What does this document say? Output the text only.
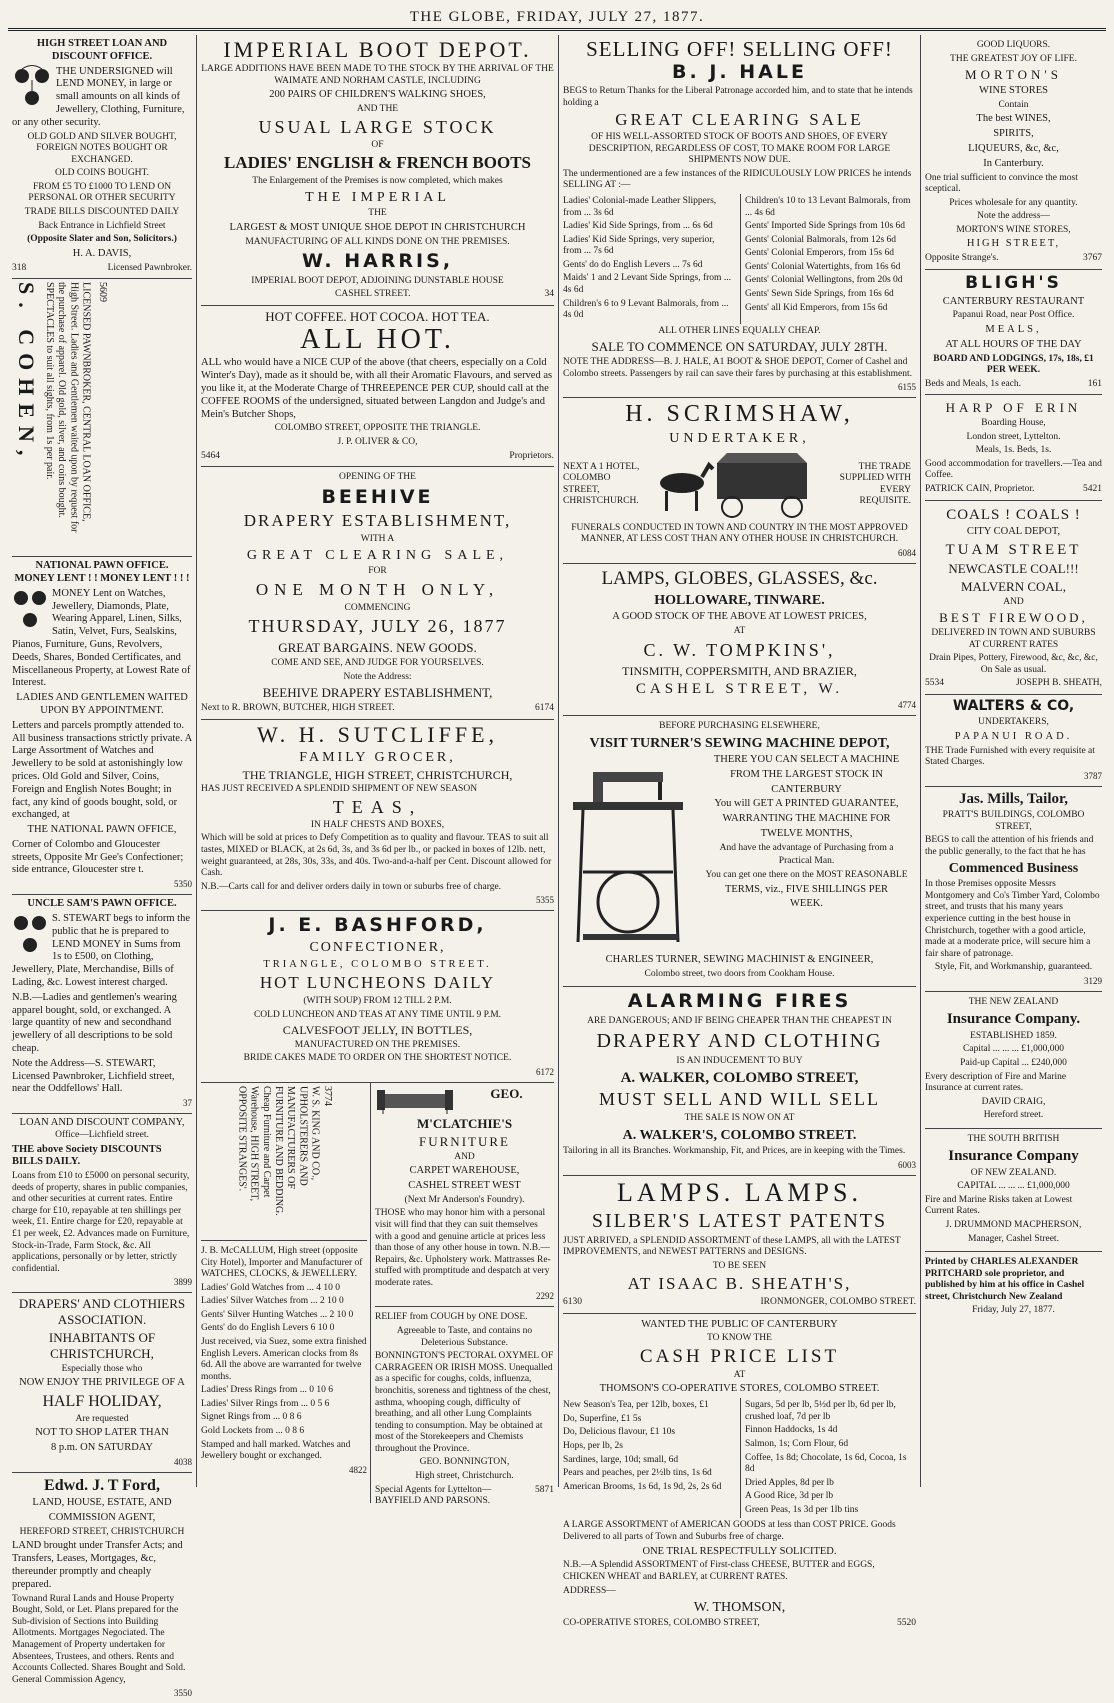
THE GLOBE, FRIDAY, JULY 27, 1877.
HIGH STREET LOAN AND DISCOUNT OFFICE.

THE UNDERSIGNED will LEND MONEY, in large or small amounts on all kinds of Jewellery, Clothing, Furniture, or any other security.

OLD GOLD AND SILVER BOUGHT, FOREIGN NOTES BOUGHT OR EXCHANGED.

OLD COINS BOUGHT.

FROM £5 TO £1000 TO LEND ON PERSONAL OR OTHER SECURITY

TRADE BILLS DISCOUNTED DAILY

Back Entrance in Lichfield Street

(Opposite Slater and Son, Solicitors.)

H. A. DAVIS,

318	Licensed Pawnbroker.
S. COHEN,	LICENSED PAWNBROKER, CENTRAL LOAN OFFICE, High Street. Ladies and Gentlemen waited upon by request for the purchase of apparel. Old gold, silver, and coins bought. SPECTACLES to suit all sights, from 1s per pair.	5609
NATIONAL PAWN OFFICE.
MONEY LENT ! ! MONEY LENT ! ! !

MONEY Lent on Watches, Jewellery, Diamonds, Plate, Wearing Apparel, Linen, Silks, Satin, Velvet, Furs, Sealskins, Pianos, Furniture, Guns, Revolvers, Deeds, Shares, Bonded Certificates, and Miscellaneous Property, at Lowest Rate of Interest.

LADIES AND GENTLEMEN WAITED UPON BY APPOINTMENT.

Letters and parcels promptly attended to. All business transactions strictly private. A Large Assortment of Watches and Jewellery to be sold at astonishingly low prices. Old Gold and Silver, Coins, Foreign and English Notes Bought; in fact, any kind of goods bought, sold, or exchanged, at

THE NATIONAL PAWN OFFICE,

Corner of Colombo and Gloucester streets, Opposite Mr Gee's Confectioner; side entrance, Gloucester stre t.

5350
UNCLE SAM'S PAWN OFFICE.

S. STEWART begs to inform the public that he is prepared to LEND MONEY in Sums from 1s to £500, on Clothing, Jewellery, Plate, Merchandise, Bills of Lading, &c. Lowest interest charged.

N.B.—Ladies and gentlemen's wearing apparel bought, sold, or exchanged. A large quantity of new and secondhand jewellery of all descriptions to be sold cheap.

Note the Address—S. STEWART, Licensed Pawnbroker, Lichfield street, near the Oddfellows' Hall.

37
LOAN AND DISCOUNT COMPANY,
Office—Lichfield street.

THE above Society DISCOUNTS BILLS DAILY.

Loans from £10 to £5000 on personal security, deeds of property, shares in public companies, and other securities at current rates. Entire charge for £10, repayable at ten shillings per week, £1. Entire charge for £20, repayable at £1 per week, £2. Advances made on Furniture, Stock-in-Trade, Farm Stock, &c. All applications, personally or by letter, strictly confidential.

3899
DRAPERS' AND CLOTHIERS ASSOCIATION.

INHABITANTS OF CHRISTCHURCH,

Especially those who

NOW ENJOY THE PRIVILEGE OF A

HALF HOLIDAY,

Are requested

NOT TO SHOP LATER THAN

8 p.m. ON SATURDAY

4038
Edwd. J. T Ford,

LAND, HOUSE, ESTATE, AND

COMMISSION AGENT,

HEREFORD STREET, CHRISTCHURCH

LAND brought under Transfer Acts; and Transfers, Leases, Mortgages, &c, thereunder promptly and cheaply prepared.

Townand Rural Lands and House Property Bought, Sold, or Let. Plans prepared for the Sub-division of Sections into Building Allotments. Mortgages Negociated. The Management of Property undertaken for Absentees, Trustees, and others. Rents and Accounts Collected. Shares Bought and Sold. General Commission Agency,

3550
IMPERIAL BOOT DEPOT.

LARGE ADDITIONS HAVE BEEN MADE TO THE STOCK BY THE ARRIVAL OF THE WAIMATE AND NORHAM CASTLE, INCLUDING

200 PAIRS OF CHILDREN'S WALKING SHOES,

AND THE

USUAL LARGE STOCK

OF

LADIES' ENGLISH & FRENCH BOOTS

The Enlargement of the Premises is now completed, which makes

THE IMPERIAL

THE

LARGEST & MOST UNIQUE SHOE DEPOT IN CHRISTCHURCH

MANUFACTURING OF ALL KINDS DONE ON THE PREMISES.

W. HARRIS,

IMPERIAL BOOT DEPOT, ADJOINING DUNSTABLE HOUSE

CASHEL STREET.	34
HOT COFFEE. HOT COCOA. HOT TEA.
ALL HOT.

ALL who would have a NICE CUP of the above (that cheers, especially on a Cold Winter's Day), made as it should be, with all their Aromatic Flavours, and served as you like it, at the Moderate Charge of THREEPENCE PER CUP, should call at the COFFEE ROOMS of the undersigned, situated between Langdon and Judge's and Mein's Butcher Shops,

COLOMBO STREET, OPPOSITE THE TRIANGLE.

J. P. OLIVER & CO,

5464	Proprietors.

OPENING OF THE

BEEHIVE

DRAPERY ESTABLISHMENT,

WITH A

GREAT CLEARING SALE,

FOR

ONE MONTH ONLY,

COMMENCING

THURSDAY, JULY 26, 1877

GREAT BARGAINS. NEW GOODS.

COME AND SEE, AND JUDGE FOR YOURSELVES.

Note the Address:

BEEHIVE DRAPERY ESTABLISHMENT,

Next to R. BROWN, BUTCHER, HIGH STREET.	6174
W. H. SUTCLIFFE,

FAMILY GROCER,

THE TRIANGLE, HIGH STREET, CHRISTCHURCH,

HAS JUST RECEIVED A SPLENDID SHIPMENT OF NEW SEASON

TEAS,

IN HALF CHESTS AND BOXES,

Which will be sold at prices to Defy Competition as to quality and flavour. TEAS to suit all tastes, MIXED or BLACK, at 2s 6d, 3s, and 3s 6d per lb., or packed in boxes of 12lb. nett, weight guaranteed, at 28s, 30s, 33s, and 40s. Two-and-a-half per Cent. Discount allowed for Cash.

N.B.—Carts call for and deliver orders daily in town or suburbs free of charge.

5355
J. E. BASHFORD,

CONFECTIONER,

TRIANGLE, COLOMBO STREET.

HOT LUNCHEONS DAILY

(WITH SOUP) FROM 12 TILL 2 P.M.

COLD LUNCHEON AND TEAS AT ANY TIME UNTIL 9 P.M.

CALVESFOOT JELLY, IN BOTTLES,

MANUFACTURED ON THE PREMISES.

BRIDE CAKES MADE TO ORDER ON THE SHORTEST NOTICE.

6172
W. S. KING AND CO., UPHOLSTERERS AND MANUFACTURERS OF FURNITURE AND BEDDING. Cheap Furniture and Carpet Warehouse, HIGH STREET, OPPOSITE STRANGES'.	3774

J. B. McCALLUM, High street (opposite City Hotel), Importer and Manufacturer of WATCHES, CLOCKS, & JEWELLERY.

Ladies' Gold Watches from ... 4 10 0

Ladies' Silver Watches from ... 2 10 0

Gents' Silver Hunting Watches ... 2 10 0

Gents' do do English Levers 6 10 0

Just received, via Suez, some extra finished English Levers. American clocks from 8s 6d. All the above are warranted for twelve months.

Ladies' Dress Rings from ... 0 10 6

Ladies' Silver Rings from ... 0 5 6

Signet Rings from ... 0 8 6

Gold Lockets from ... 0 8 6

Stamped and hall marked. Watches and Jewellery bought or exchanged.

4822
GEO. M'CLATCHIE'S

FURNITURE

AND

CARPET WAREHOUSE,

CASHEL STREET WEST

(Next Mr Anderson's Foundry).

THOSE who may honor him with a personal visit will find that they can suit themselves with a good and genuine article at prices less than those of any other house in town. N.B.—Repairs, &c. Upholstery work. Mattrasses Re-stuffed with promptitude and despatch at very moderate rates.

2292

RELIEF from COUGH by ONE DOSE.

Agreeable to Taste, and contains no Deleterious Substance.

BONNINGTON'S PECTORAL OXYMEL OF CARRAGEEN OR IRISH MOSS. Unequalled as a specific for coughs, colds, influenza, bronchitis, soreness and tightness of the chest, asthma, whooping cough, difficulty of breathing, and all other Lung Complaints tending to consumption. May be obtained at most of the Storekeepers and Chemists throughout the Province.

GEO. BONNINGTON,

High street, Christchurch.

Special Agents for Lyttelton—BAYFIELD AND PARSONS.
5871
SELLING OFF! SELLING OFF!
B. J. HALE

BEGS to Return Thanks for the Liberal Patronage accorded him, and to state that he intends holding a

GREAT CLEARING SALE

OF HIS WELL-ASSORTED STOCK OF BOOTS AND SHOES, OF EVERY DESCRIPTION, REGARDLESS OF COST, TO MAKE ROOM FOR LARGE SHIPMENTS NOW DUE.

The undermentioned are a few instances of the RIDICULOUSLY LOW PRICES he intends SELLING AT :—

Ladies' Colonial-made Leather Slippers, from ... 3s 6d

Ladies' Kid Side Springs, from ... 6s 6d

Ladies' Kid Side Springs, very superior, from ... 7s 6d

Gents' do do English Levers ... 7s 6d

Maids' 1 and 2 Levant Side Springs, from ... 4s 6d

Children's 6 to 9 Levant Balmorals, from ... 4s 0d

Children's 10 to 13 Levant Balmorals, from ... 4s 6d

Gents' Imported Side Springs from 10s 6d

Gents' Colonial Balmorals, from 12s 6d

Gents' Colonial Emperors, from 15s 6d

Gents' Colonial Watertights, from 16s 6d

Gents' Colonial Wellingtons, from 20s 0d

Gents' Sewn Side Springs, from 16s 6d

Gents' all Kid Emperors, from 15s 6d

ALL OTHER LINES EQUALLY CHEAP.

SALE TO COMMENCE ON SATURDAY, JULY 28TH.

NOTE THE ADDRESS—B. J. HALE, A1 BOOT & SHOE DEPOT, Corner of Cashel and Colombo streets. Passengers by rail can save their fares by purchasing at this establishment.

6155
H. SCRIMSHAW,

UNDERTAKER,

NEXT A 1 HOTEL, COLOMBO STREET, CHRISTCHURCH.

THE TRADE SUPPLIED WITH EVERY REQUISITE.

FUNERALS CONDUCTED IN TOWN AND COUNTRY IN THE MOST APPROVED MANNER, AT LESS COST THAN ANY OTHER HOUSE IN CHRISTCHURCH.

6084
LAMPS, GLOBES, GLASSES, &c.

HOLLOWARE, TINWARE.

A GOOD STOCK OF THE ABOVE AT LOWEST PRICES,

AT

C. W. TOMPKINS',

TINSMITH, COPPERSMITH, AND BRAZIER,

CASHEL STREET, W.

4774

BEFORE PURCHASING ELSEWHERE,

VISIT TURNER'S SEWING MACHINE DEPOT,

THERE YOU CAN SELECT A MACHINE

FROM THE LARGEST STOCK IN

CANTERBURY

You will GET A PRINTED GUARANTEE,

WARRANTING THE MACHINE FOR

TWELVE MONTHS,

And have the advantage of Purchasing from a

Practical Man.

You can get one there on the MOST REASONABLE

TERMS, viz., FIVE SHILLINGS PER

WEEK.

CHARLES TURNER, SEWING MACHINIST & ENGINEER,

Colombo street, two doors from Cookham House.

ALARMING FIRES

ARE DANGEROUS; AND IF BEING CHEAPER THAN THE CHEAPEST IN

DRAPERY AND CLOTHING

IS AN INDUCEMENT TO BUY

A. WALKER, COLOMBO STREET,

MUST SELL AND WILL SELL

THE SALE IS NOW ON AT

A. WALKER'S, COLOMBO STREET.

Tailoring in all its Branches. Workmanship, Fit, and Prices, are in keeping with the Times.

6003
LAMPS. LAMPS.

SILBER'S LATEST PATENTS

JUST ARRIVED, a SPLENDID ASSORTMENT of these LAMPS, all with the LATEST IMPROVEMENTS, and NEWEST PATTERNS and DESIGNS.

TO BE SEEN

AT ISAAC B. SHEATH'S,

6130	IRONMONGER, COLOMBO STREET.

WANTED THE PUBLIC OF CANTERBURY

TO KNOW THE

CASH PRICE LIST

AT

THOMSON'S CO-OPERATIVE STORES, COLOMBO STREET.

New Season's Tea, per 12lb, boxes, £1

Do, Superfine, £1 5s

Do, Delicious flavour, £1 10s

Hops, per lb, 2s

Sardines, large, 10d; small, 6d

Pears and peaches, per 2½lb tins, 1s 6d

American Brooms, 1s 6d, 1s 9d, 2s, 2s 6d

Sugars, 5d per lb, 5½d per lb, 6d per lb, crushed loaf, 7d per lb

Finnon Haddocks, 1s 4d

Salmon, 1s; Corn Flour, 6d

Coffee, 1s 8d; Chocolate, 1s 6d, Cocoa, 1s 8d

Dried Apples, 8d per lb

A Good Rice, 3d per lb

Green Peas, 1s 3d per 1lb tins

A LARGE ASSORTMENT of AMERICAN GOODS at less than COST PRICE. Goods Delivered to all parts of Town and Suburbs free of charge.

ONE TRIAL RESPECTFULLY SOLICITED.

N.B.—A Splendid ASSORTMENT of First-class CHEESE, BUTTER and EGGS, CHICKEN WHEAT and BARLEY, at CURRENT RATES.

ADDRESS—

W. THOMSON,

CO-OPERATIVE STORES, COLOMBO STREET,	5520

GOOD LIQUORS.

THE GREATEST JOY OF LIFE.

MORTON'S

WINE STORES

Contain

The best WINES,

SPIRITS,

LIQUEURS, &c, &c,

In Canterbury.

One trial sufficient to convince the most sceptical.

Prices wholesale for any quantity.

Note the address—

MORTON'S WINE STORES,

HIGH STREET,

Opposite Strange's.	3767
BLIGH'S

CANTERBURY RESTAURANT

Papanui Road, near Post Office.

MEALS,

AT ALL HOURS OF THE DAY

BOARD AND LODGINGS, 17s, 18s, £1 PER WEEK.

Beds and Meals, 1s each.	161

HARP OF ERIN

Boarding House,

London street, Lyttelton.

Meals, 1s. Beds, 1s.

Good accommodation for travellers.—Tea and Coffee.

PATRICK CAIN, Proprietor.	5421

COALS ! COALS !

CITY COAL DEPOT,

TUAM STREET

NEWCASTLE COAL!!!

MALVERN COAL,

AND

BEST FIREWOOD,

DELIVERED IN TOWN AND SUBURBS AT CURRENT RATES

Drain Pipes, Pottery, Firewood, &c, &c, &c, On Sale as usual.

5534	JOSEPH B. SHEATH,
WALTERS & CO,

UNDERTAKERS,

PAPANUI ROAD.

THE Trade Furnished with every requisite at Stated Charges.

3787
Jas. Mills, Tailor,

PRATT'S BUILDINGS, COLOMBO STREET,

BEGS to call the attention of his friends and the public generally, to the fact that he has

Commenced Business

In those Premises opposite Messrs Montgomery and Co's Timber Yard, Colombo street, and trusts that his many years experience cutting in the best house in Christchurch, together with a good article, made at a moderate price, will secure him a fair share of patronage.

Style, Fit, and Workmanship, guaranteed.

3129

THE NEW ZEALAND

Insurance Company.

ESTABLISHED 1859.

Capital ... ... ... £1,000,000

Paid-up Capital ... £240,000

Every description of Fire and Marine Insurance at current rates.

DAVID CRAIG,

Hereford street.

THE SOUTH BRITISH

Insurance Company

OF NEW ZEALAND.

CAPITAL ... ... ... £1,000,000

Fire and Marine Risks taken at Lowest Current Rates.

J. DRUMMOND MACPHERSON,

Manager, Cashel Street.

Printed by CHARLES ALEXANDER PRITCHARD sole proprietor, and published by him at his office in Cashel street, Christchurch New Zealand

Friday, July 27, 1877.
